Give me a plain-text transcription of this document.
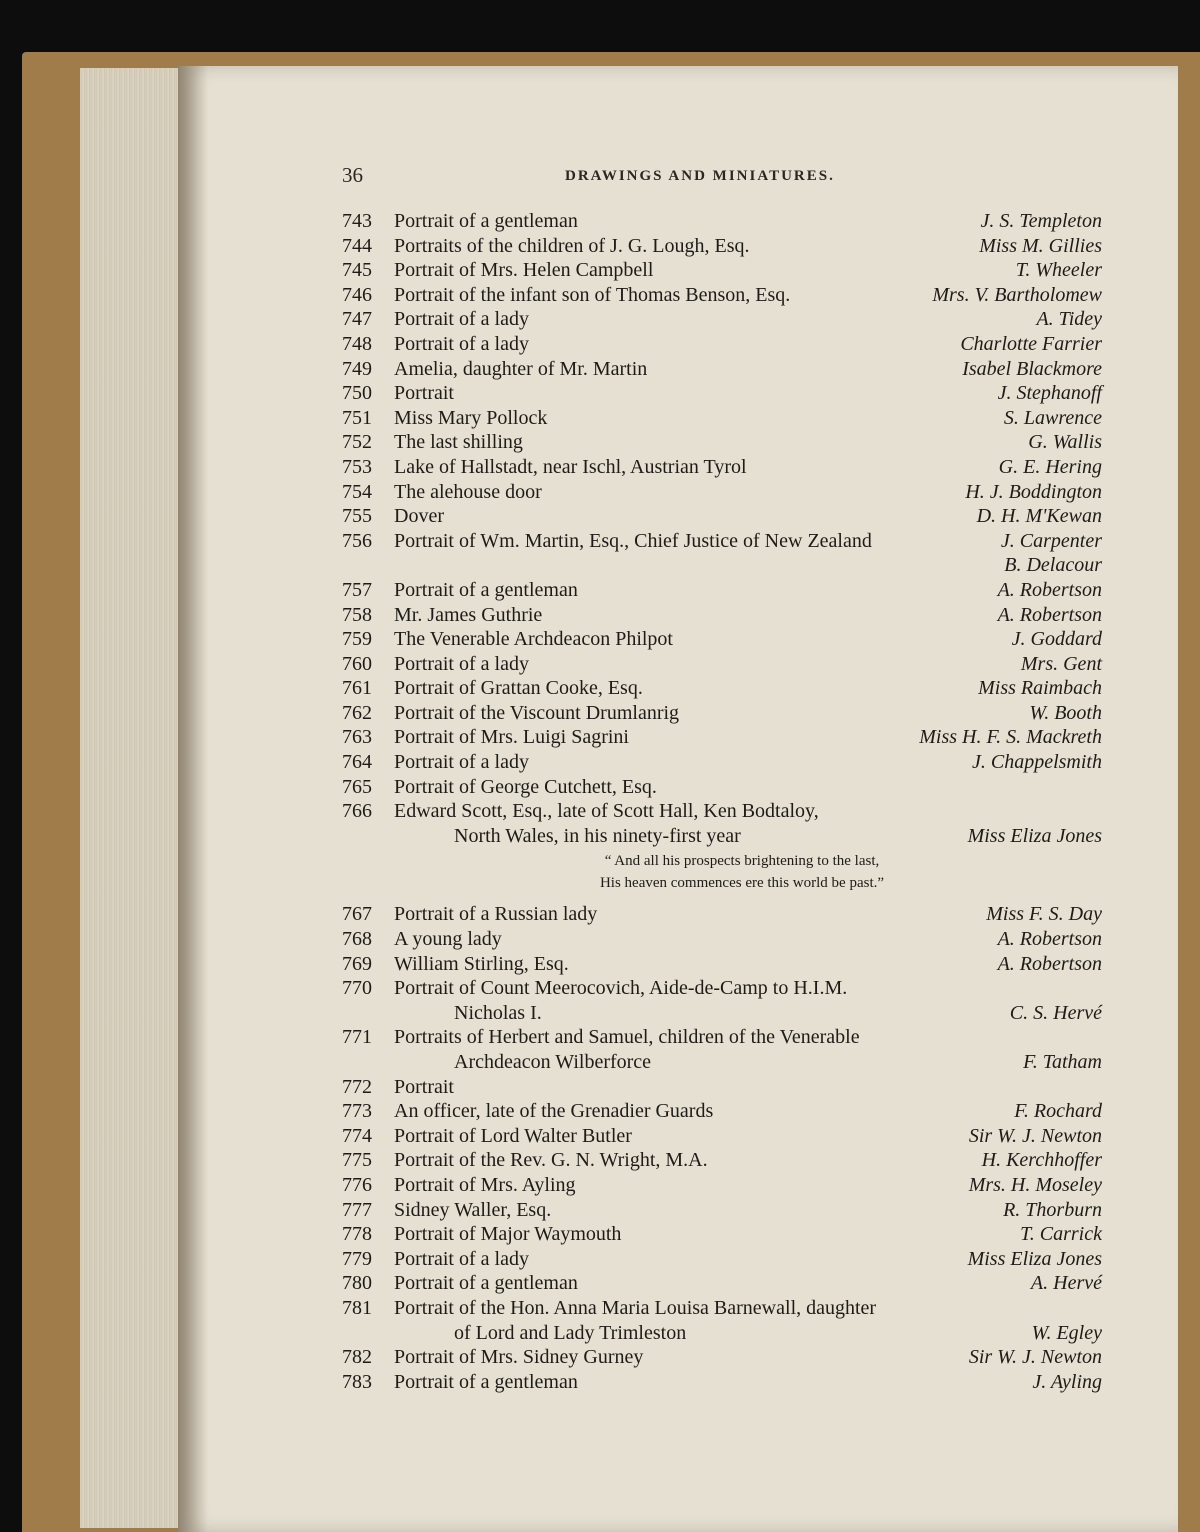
36	DRAWINGS AND MINIATURES.
743	Portrait of a gentleman	J. S. Templeton
744	Portraits of the children of J. G. Lough, Esq.	Miss M. Gillies
745	Portrait of Mrs. Helen Campbell	T. Wheeler
746	Portrait of the infant son of Thomas Benson, Esq.	Mrs. V. Bartholomew
747	Portrait of a lady	A. Tidey
748	Portrait of a lady	Charlotte Farrier
749	Amelia, daughter of Mr. Martin	Isabel Blackmore
750	Portrait	J. Stephanoff
751	Miss Mary Pollock	S. Lawrence
752	The last shilling	G. Wallis
753	Lake of Hallstadt, near Ischl, Austrian Tyrol	G. E. Hering
754	The alehouse door	H. J. Boddington
755	Dover	D. H. M'Kewan
756	Portrait of Wm. Martin, Esq., Chief Justice of New Zealand	J. Carpenter
B. Delacour
757	Portrait of a gentleman	A. Robertson
758	Mr. James Guthrie	A. Robertson
759	The Venerable Archdeacon Philpot	J. Goddard
760	Portrait of a lady	Mrs. Gent
761	Portrait of Grattan Cooke, Esq.	Miss Raimbach
762	Portrait of the Viscount Drumlanrig	W. Booth
763	Portrait of Mrs. Luigi Sagrini	Miss H. F. S. Mackreth
764	Portrait of a lady	J. Chappelsmith
765	Portrait of George Cutchett, Esq.
766	Edward Scott, Esq., late of Scott Hall, Ken Bodtaloy,
North Wales, in his ninety-first year	Miss Eliza Jones
“ And all his prospects brightening to the last,
His heaven commences ere this world be past.”
767	Portrait of a Russian lady	Miss F. S. Day
768	A young lady	A. Robertson
769	William Stirling, Esq.	A. Robertson
770	Portrait of Count Meerocovich, Aide-de-Camp to H.I.M.
Nicholas I.	C. S. Hervé
771	Portraits of Herbert and Samuel, children of the Venerable
Archdeacon Wilberforce	F. Tatham
772	Portrait
773	An officer, late of the Grenadier Guards	F. Rochard
774	Portrait of Lord Walter Butler	Sir W. J. Newton
775	Portrait of the Rev. G. N. Wright, M.A.	H. Kerchhoffer
776	Portrait of Mrs. Ayling	Mrs. H. Moseley
777	Sidney Waller, Esq.	R. Thorburn
778	Portrait of Major Waymouth	T. Carrick
779	Portrait of a lady	Miss Eliza Jones
780	Portrait of a gentleman	A. Hervé
781	Portrait of the Hon. Anna Maria Louisa Barnewall, daughter
of Lord and Lady Trimleston	W. Egley
782	Portrait of Mrs. Sidney Gurney	Sir W. J. Newton
783	Portrait of a gentleman	J. Ayling
